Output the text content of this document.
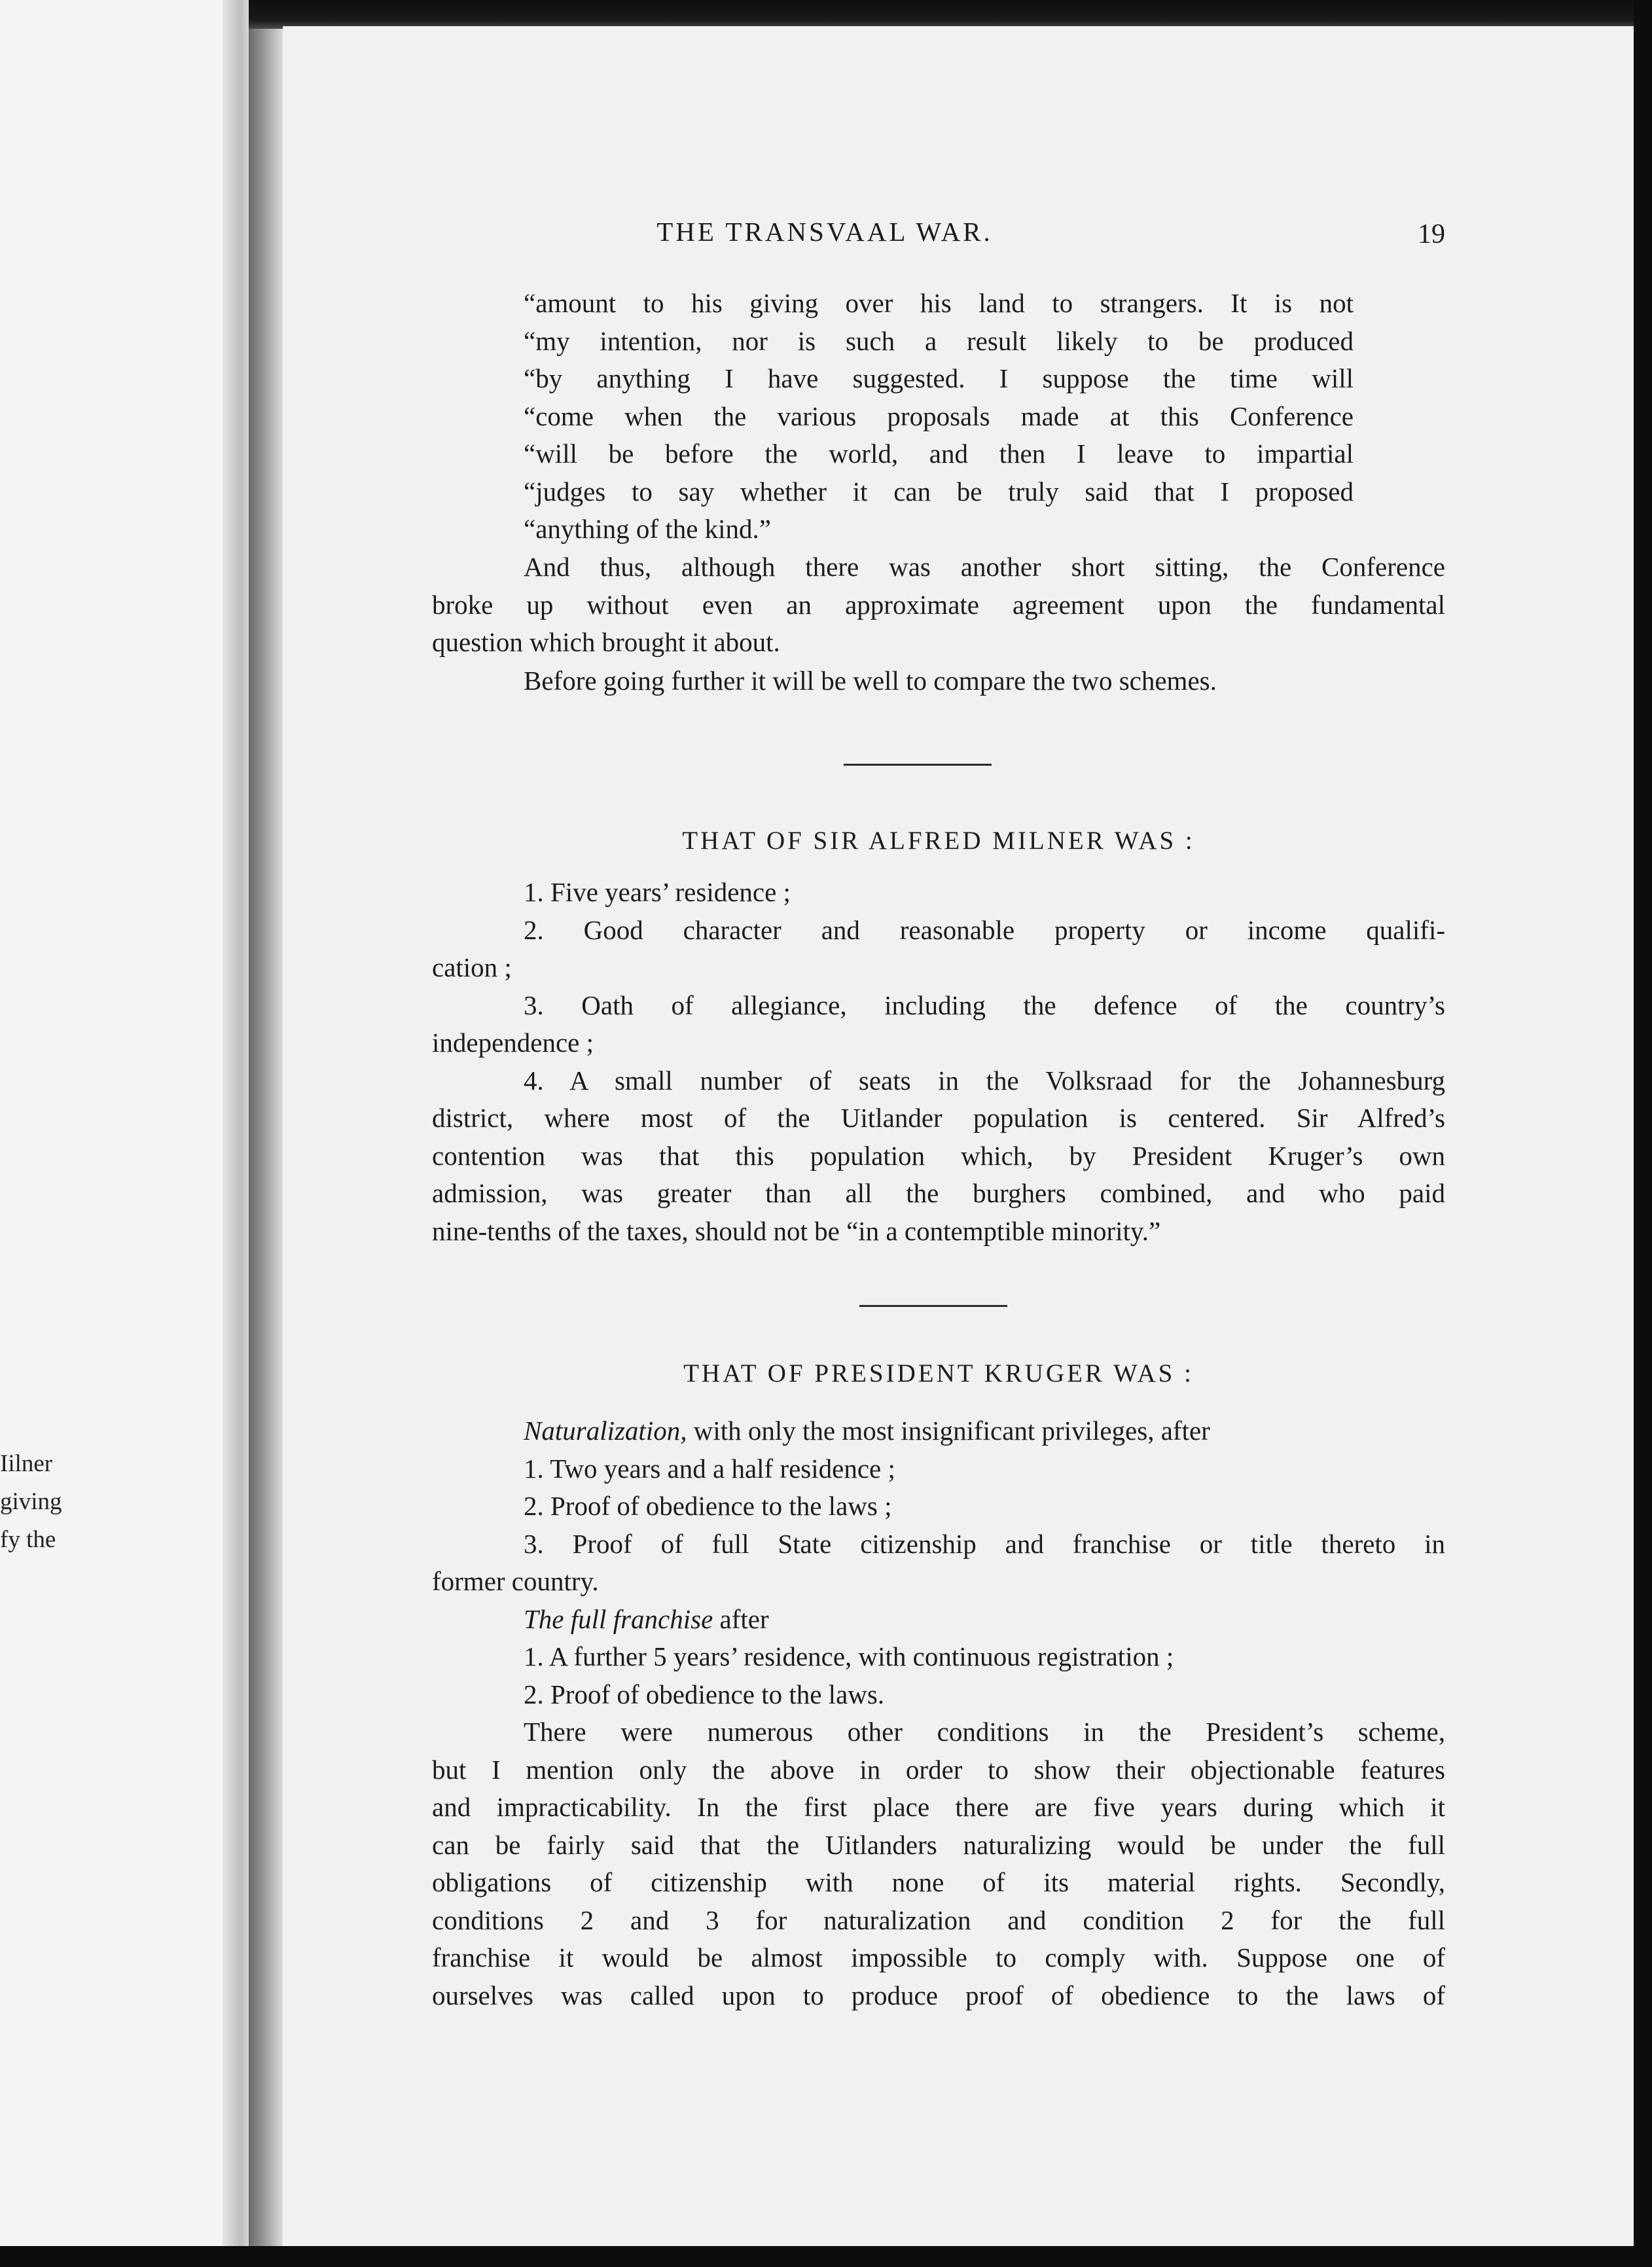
Iilner
giving
fy the
THE TRANSVAAL WAR.	19
“amount to his giving over his land to strangers. It is not
“my intention, nor is such a result likely to be produced
“by anything I have suggested. I suppose the time will
“come when the various proposals made at this Conference
“will be before the world, and then I leave to impartial
“judges to say whether it can be truly said that I proposed
“anything of the kind.”
And thus, although there was another short sitting, the Conference
broke up without even an approximate agreement upon the fundamental
question which brought it about.
Before going further it will be well to compare the two schemes.
THAT OF SIR ALFRED MILNER WAS :
1. Five years’ residence ;
2. Good character and reasonable property or income qualifi-
cation ;
3. Oath of allegiance, including the defence of the country’s
independence ;
4. A small number of seats in the Volksraad for the Johannesburg
district, where most of the Uitlander population is centered. Sir Alfred’s
contention was that this population which, by President Kruger’s own
admission, was greater than all the burghers combined, and who paid
nine-tenths of the taxes, should not be “in a contemptible minority.”
THAT OF PRESIDENT KRUGER WAS :
Naturalization, with only the most insignificant privileges, after
1. Two years and a half residence ;
2. Proof of obedience to the laws ;
3. Proof of full State citizenship and franchise or title thereto in
former country.
The full franchise after
1. A further 5 years’ residence, with continuous registration ;
2. Proof of obedience to the laws.
There were numerous other conditions in the President’s scheme,
but I mention only the above in order to show their objectionable features
and impracticability. In the first place there are five years during which it
can be fairly said that the Uitlanders naturalizing would be under the full
obligations of citizenship with none of its material rights. Secondly,
conditions 2 and 3 for naturalization and condition 2 for the full
franchise it would be almost impossible to comply with. Suppose one of
ourselves was called upon to produce proof of obedience to the laws of
